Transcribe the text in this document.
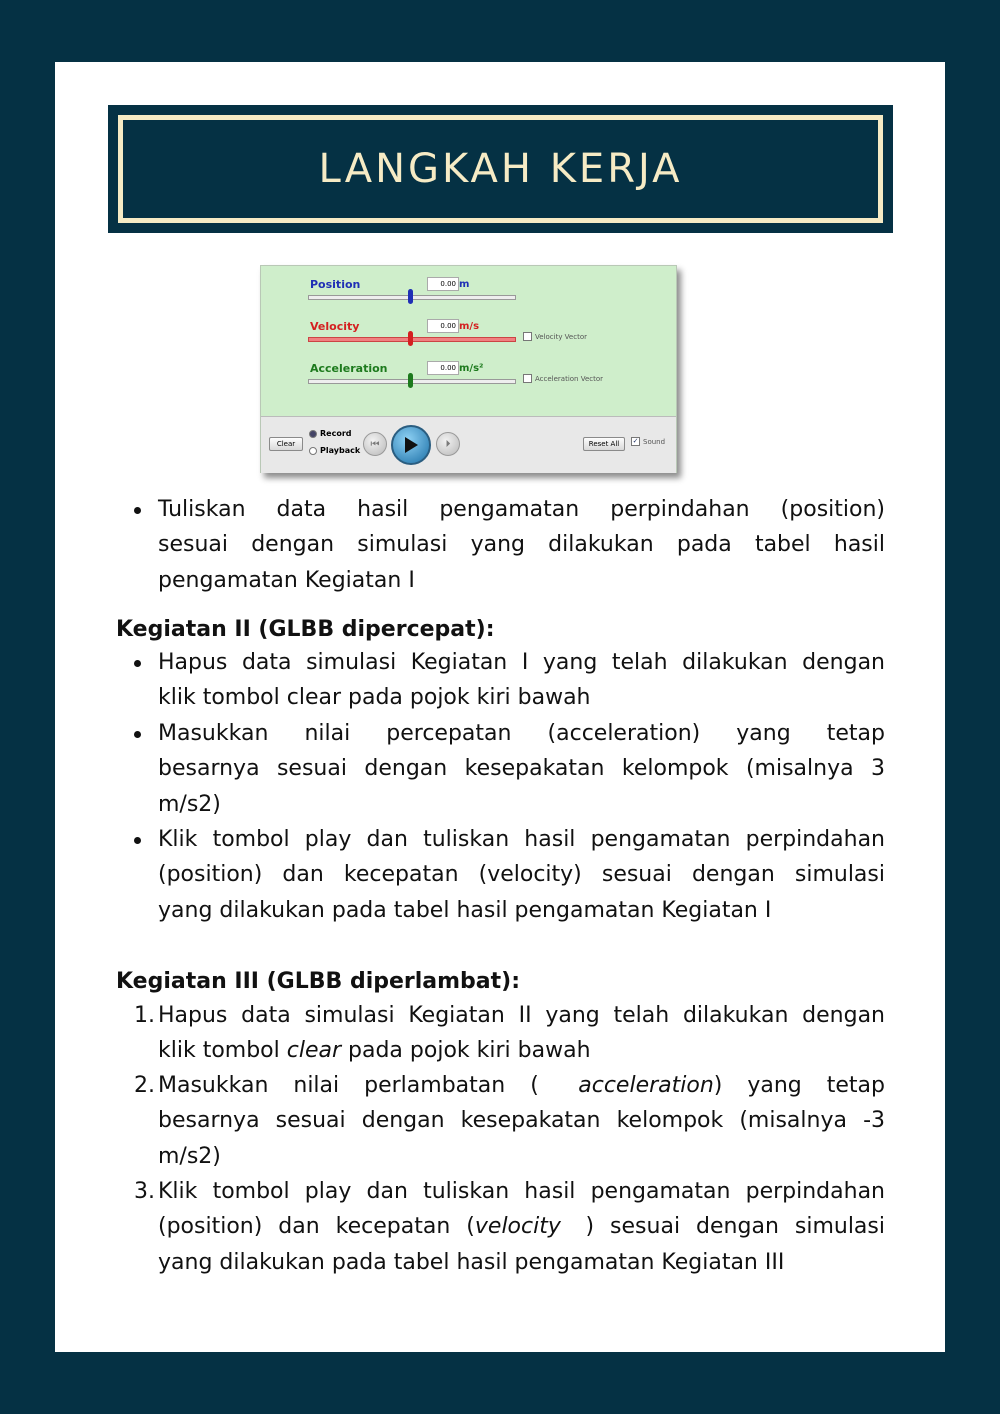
LANGKAH KERJA
Position	0.00 m
Velocity	0.00 m/s
Velocity Vector
Acceleration	0.00 m/s²
Acceleration Vector
Clear
Record
Playback
⏮	⏵	Reset All	✓ Sound
Tuliskan data hasil pengamatan perpindahan (position)
sesuai dengan simulasi yang dilakukan pada tabel hasil
pengamatan Kegiatan I
Kegiatan II (GLBB dipercepat):
Hapus data simulasi Kegiatan I yang telah dilakukan dengan
klik tombol clear pada pojok kiri bawah
Masukkan nilai percepatan (acceleration) yang tetap
besarnya sesuai dengan kesepakatan kelompok (misalnya 3
m/s2)
Klik tombol play dan tuliskan hasil pengamatan perpindahan
(position) dan kecepatan (velocity) sesuai dengan simulasi
yang dilakukan pada tabel hasil pengamatan Kegiatan I
Kegiatan III (GLBB diperlambat):
1. Hapus data simulasi Kegiatan II yang telah dilakukan dengan
klik tombol clear pada pojok kiri bawah
2. Masukkan nilai perlambatan ( acceleration) yang tetap
besarnya sesuai dengan kesepakatan kelompok (misalnya -3
m/s2)
3. Klik tombol play dan tuliskan hasil pengamatan perpindahan
(position) dan kecepatan (velocity ) sesuai dengan simulasi
yang dilakukan pada tabel hasil pengamatan Kegiatan III
